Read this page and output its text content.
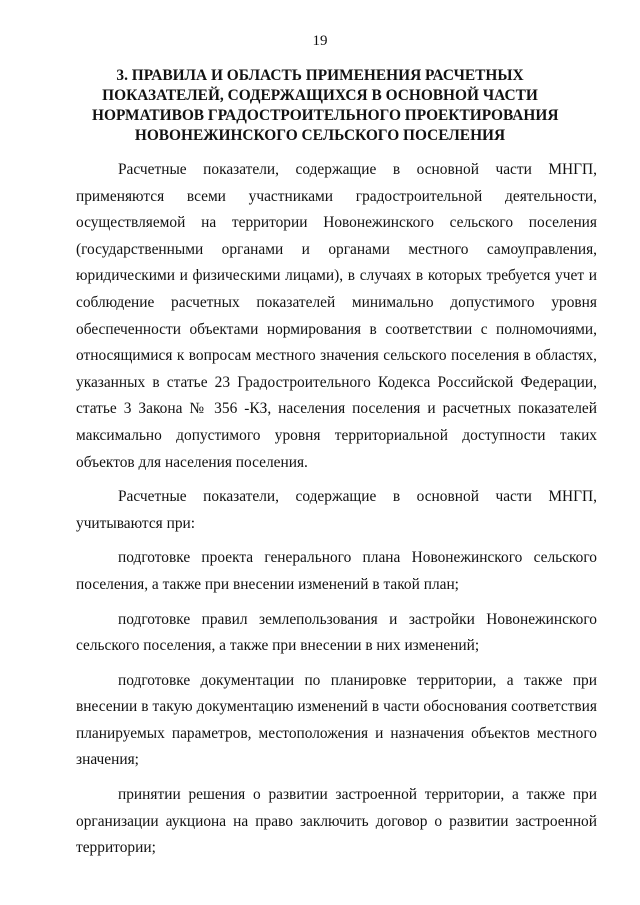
19
3. ПРАВИЛА И ОБЛАСТЬ ПРИМЕНЕНИЯ РАСЧЕТНЫХ
ПОКАЗАТЕЛЕЙ, СОДЕРЖАЩИХСЯ В ОСНОВНОЙ ЧАСТИ
НОРМАТИВОВ ГРАДОСТРОИТЕЛЬНОГО ПРОЕКТИРОВАНИЯ
НОВОНЕЖИНСКОГО СЕЛЬСКОГО ПОСЕЛЕНИЯ
Расчетные показатели, содержащие в основной части МНГП,
применяются всеми участниками градостроительной деятельности,
осуществляемой на территории Новонежинского сельского поселения
(государственными органами и органами местного самоуправления,
юридическими и физическими лицами), в случаях в которых требуется учет и
соблюдение расчетных показателей минимально допустимого уровня
обеспеченности объектами нормирования в соответствии с полномочиями,
относящимися к вопросам местного значения сельского поселения в областях,
указанных в статье 23 Градостроительного Кодекса Российской Федерации,
статье 3 Закона № 356 -КЗ, населения поселения и расчетных показателей
максимально допустимого уровня территориальной доступности таких
объектов для населения поселения.
Расчетные показатели, содержащие в основной части МНГП,
учитываются при:
подготовке проекта генерального плана Новонежинского сельского
поселения, а также при внесении изменений в такой план;
подготовке правил землепользования и застройки Новонежинского
сельского поселения, а также при внесении в них изменений;
подготовке документации по планировке территории, а также при
внесении в такую документацию изменений в части обоснования соответствия
планируемых параметров, местоположения и назначения объектов местного
значения;
принятии решения о развитии застроенной территории, а также при
организации аукциона на право заключить договор о развитии застроенной
территории;
